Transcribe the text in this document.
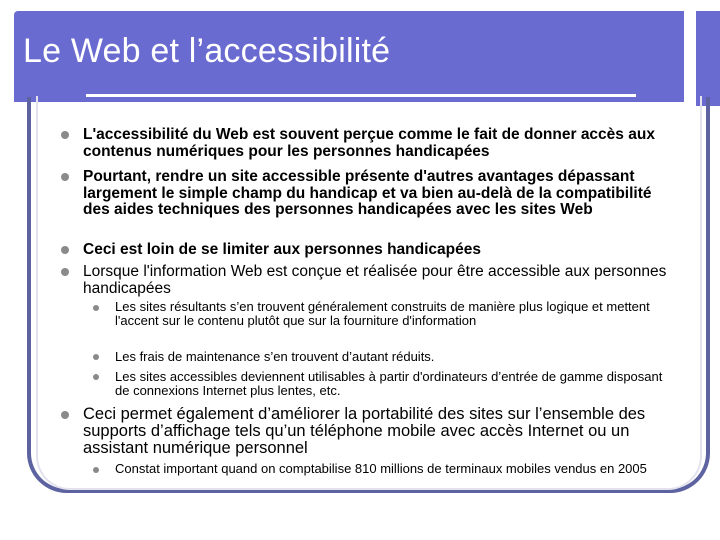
Le Web et l’accessibilité
L'accessibilité du Web est souvent perçue comme le fait de donner accès aux contenus numériques pour les personnes handicapées
Pourtant, rendre un site accessible présente d'autres avantages dépassant largement le simple champ du handicap et va bien au-delà de la compatibilité des aides techniques des personnes handicapées avec les sites Web
Ceci est loin de se limiter aux personnes handicapées
Lorsque l'information Web est conçue et réalisée pour être accessible aux personnes handicapées
Les sites résultants s’en trouvent généralement construits de manière plus logique et mettent l'accent sur le contenu plutôt que sur la fourniture d'information
Les frais de maintenance s’en trouvent d’autant réduits.
Les sites accessibles deviennent utilisables à partir d'ordinateurs d’entrée de gamme disposant de connexions Internet plus lentes, etc.
Ceci permet également d’améliorer la portabilité des sites sur l’ensemble des supports d’affichage tels qu’un téléphone mobile avec accès Internet ou un assistant numérique personnel
Constat important quand on comptabilise 810 millions de terminaux mobiles vendus en 2005
